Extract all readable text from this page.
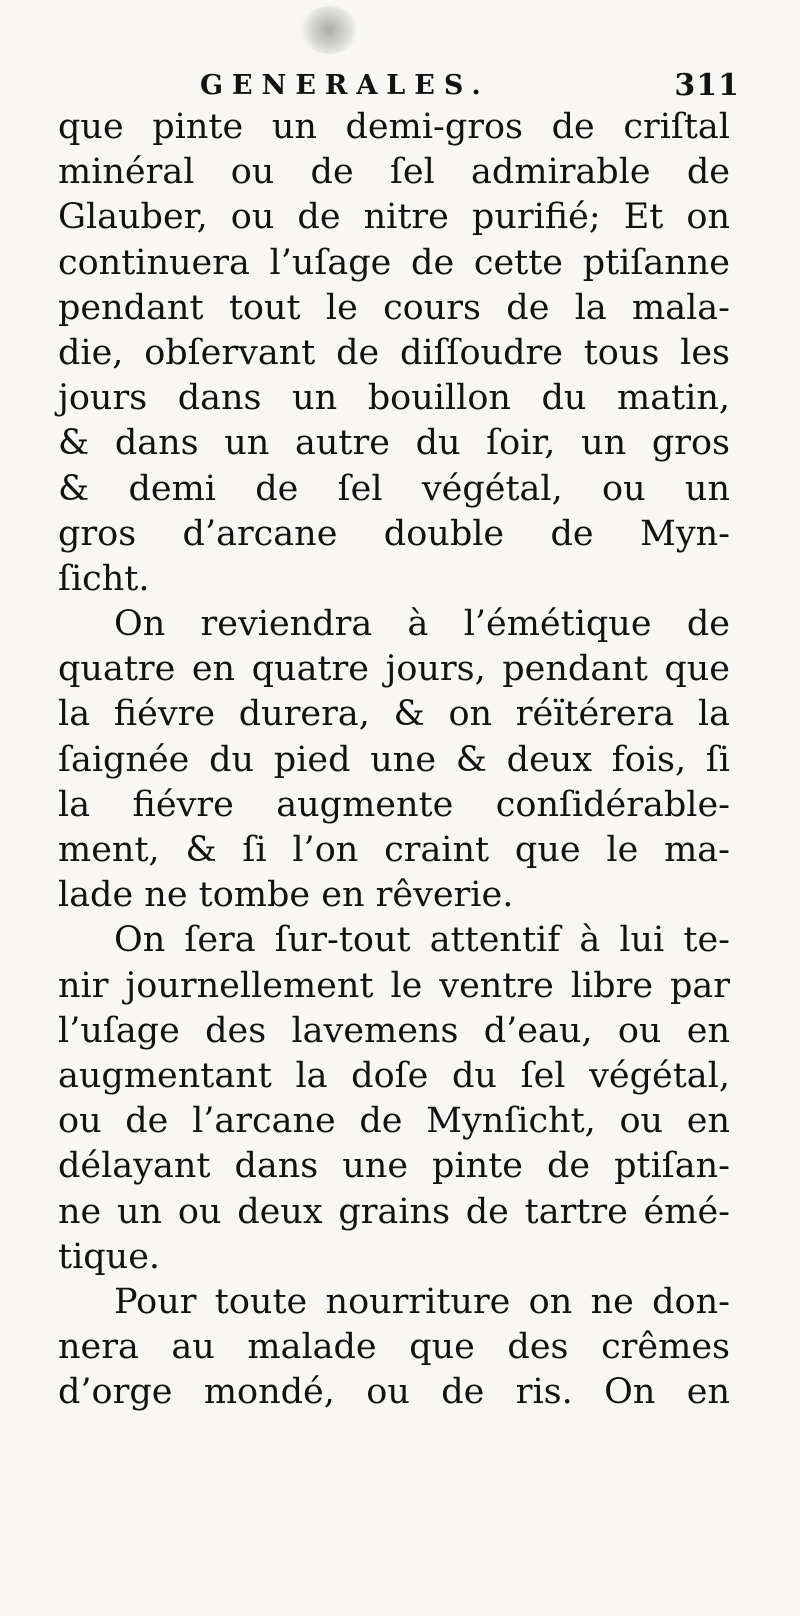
GENERALES.	311
que pinte un demi-gros de criſtal
minéral ou de ſel admirable de
Glauber, ou de nitre purifié; Et on
continuera l’uſage de cette ptiſanne
pendant tout le cours de la mala-
die, obſervant de diſſoudre tous les
jours dans un bouillon du matin,
& dans un autre du ſoir, un gros
& demi de ſel végétal, ou un
gros d’arcane double de Myn-
ſicht.
On reviendra à l’émétique de
quatre en quatre jours, pendant que
la fiévre durera, & on réïtérera la
ſaignée du pied une & deux fois, ſi
la fiévre augmente conſidérable-
ment, & ſi l’on craint que le ma-
lade ne tombe en rêverie.
On ſera ſur-tout attentif à lui te-
nir journellement le ventre libre par
l’uſage des lavemens d’eau, ou en
augmentant la doſe du ſel végétal,
ou de l’arcane de Mynſicht, ou en
délayant dans une pinte de ptiſan-
ne un ou deux grains de tartre émé-
tique.
Pour toute nourriture on ne don-
nera au malade que des crêmes
d’orge mondé, ou de ris. On en
